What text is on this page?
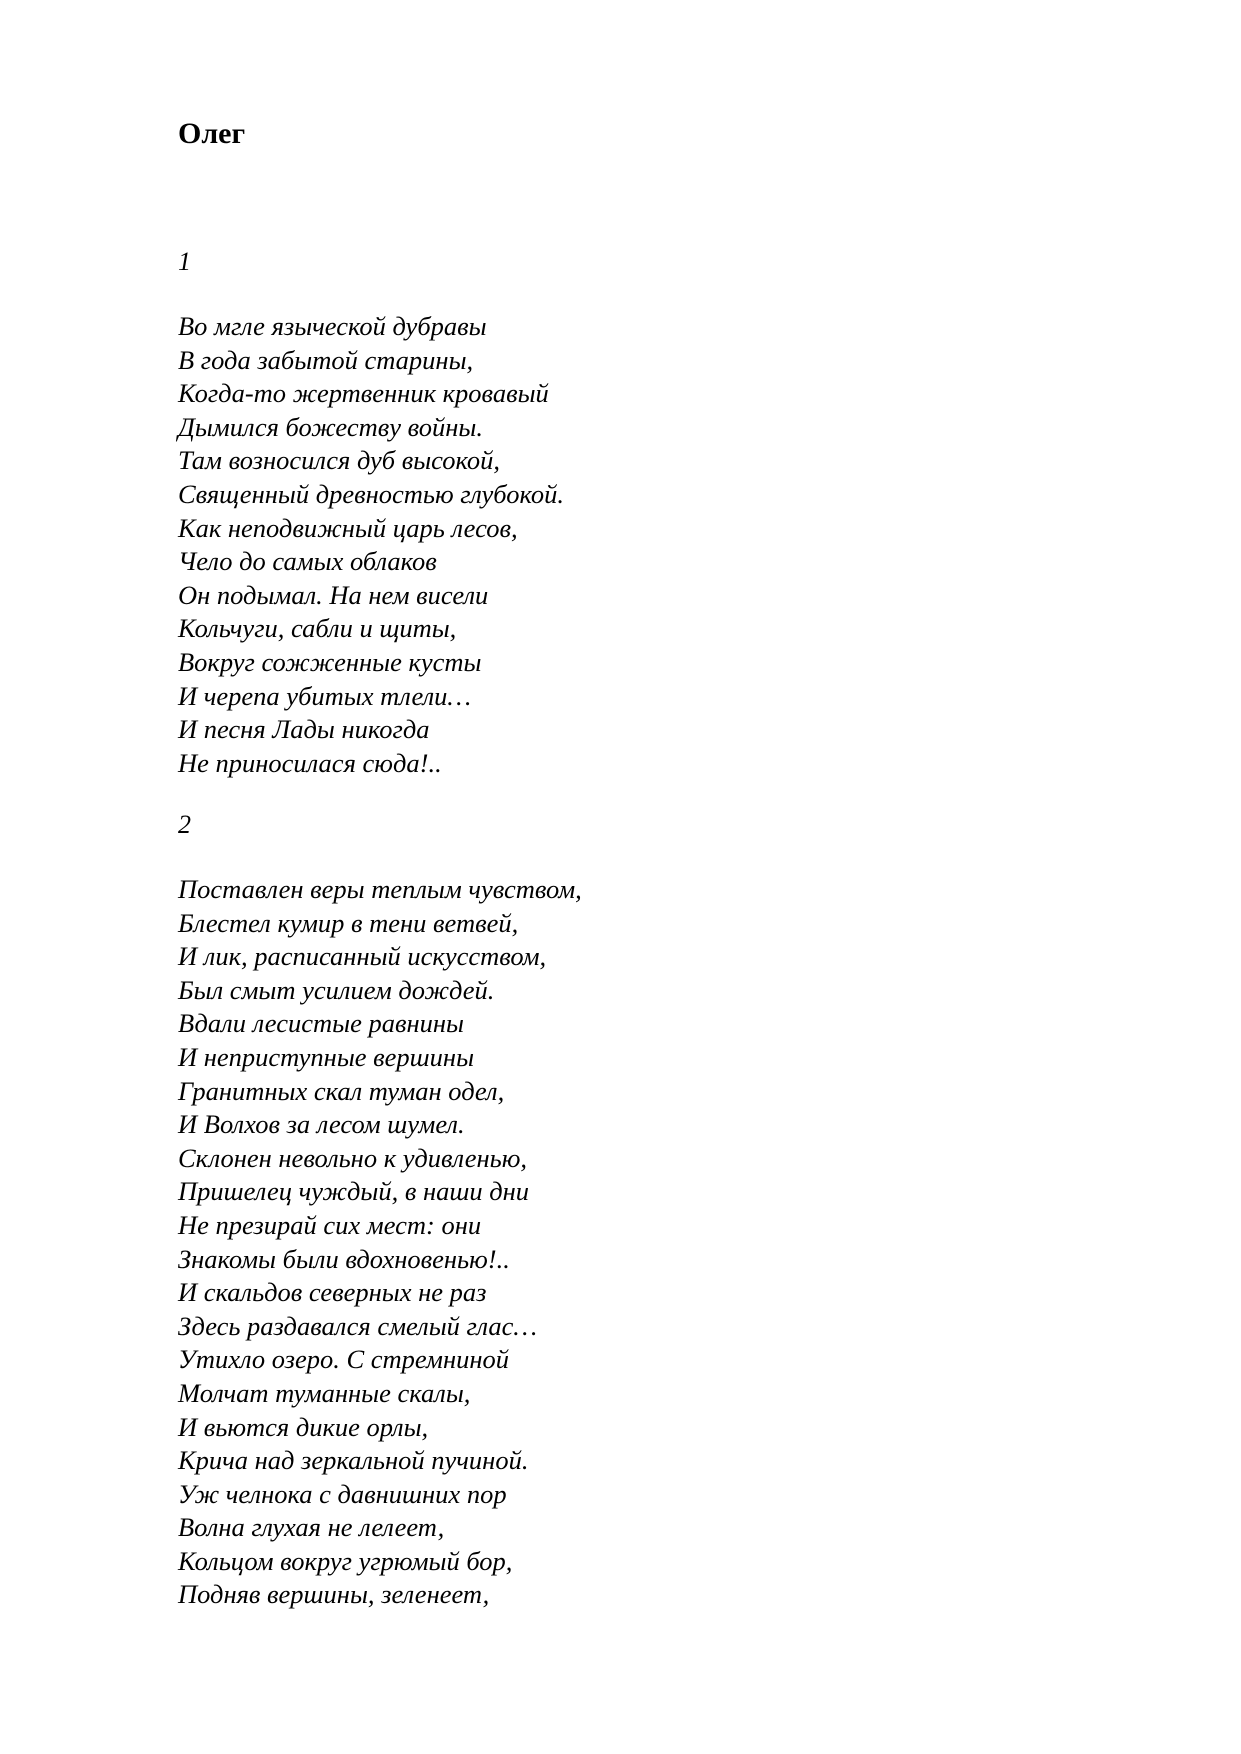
Олег

1

Во мгле языческой дубравы
В года забытой старины,
Когда-то жертвенник кровавый
Дымился божеству войны.
Там возносился дуб высокой,
Священный древностью глубокой.
Как неподвижный царь лесов,
Чело до самых облаков
Он подымал. На нем висели
Кольчуги, сабли и щиты,
Вокруг сожженные кусты
И черепа убитых тлели…
И песня Лады никогда
Не приносилася сюда!..

2

Поставлен веры теплым чувством,
Блестел кумир в тени ветвей,
И лик, расписанный искусством,
Был смыт усилием дождей.
Вдали лесистые равнины
И неприступные вершины
Гранитных скал туман одел,
И Волхов за лесом шумел.
Склонен невольно к удивленью,
Пришелец чуждый, в наши дни
Не презирай сих мест: они
Знакомы были вдохновенью!..
И скальдов северных не раз
Здесь раздавался смелый глас…
Утихло озеро. С стремниной
Молчат туманные скалы,
И вьются дикие орлы,
Крича над зеркальной пучиной.
Уж челнока с давнишних пор
Волна глухая не лелеет,
Кольцом вокруг угрюмый бор,
Подняв вершины, зеленеет,
